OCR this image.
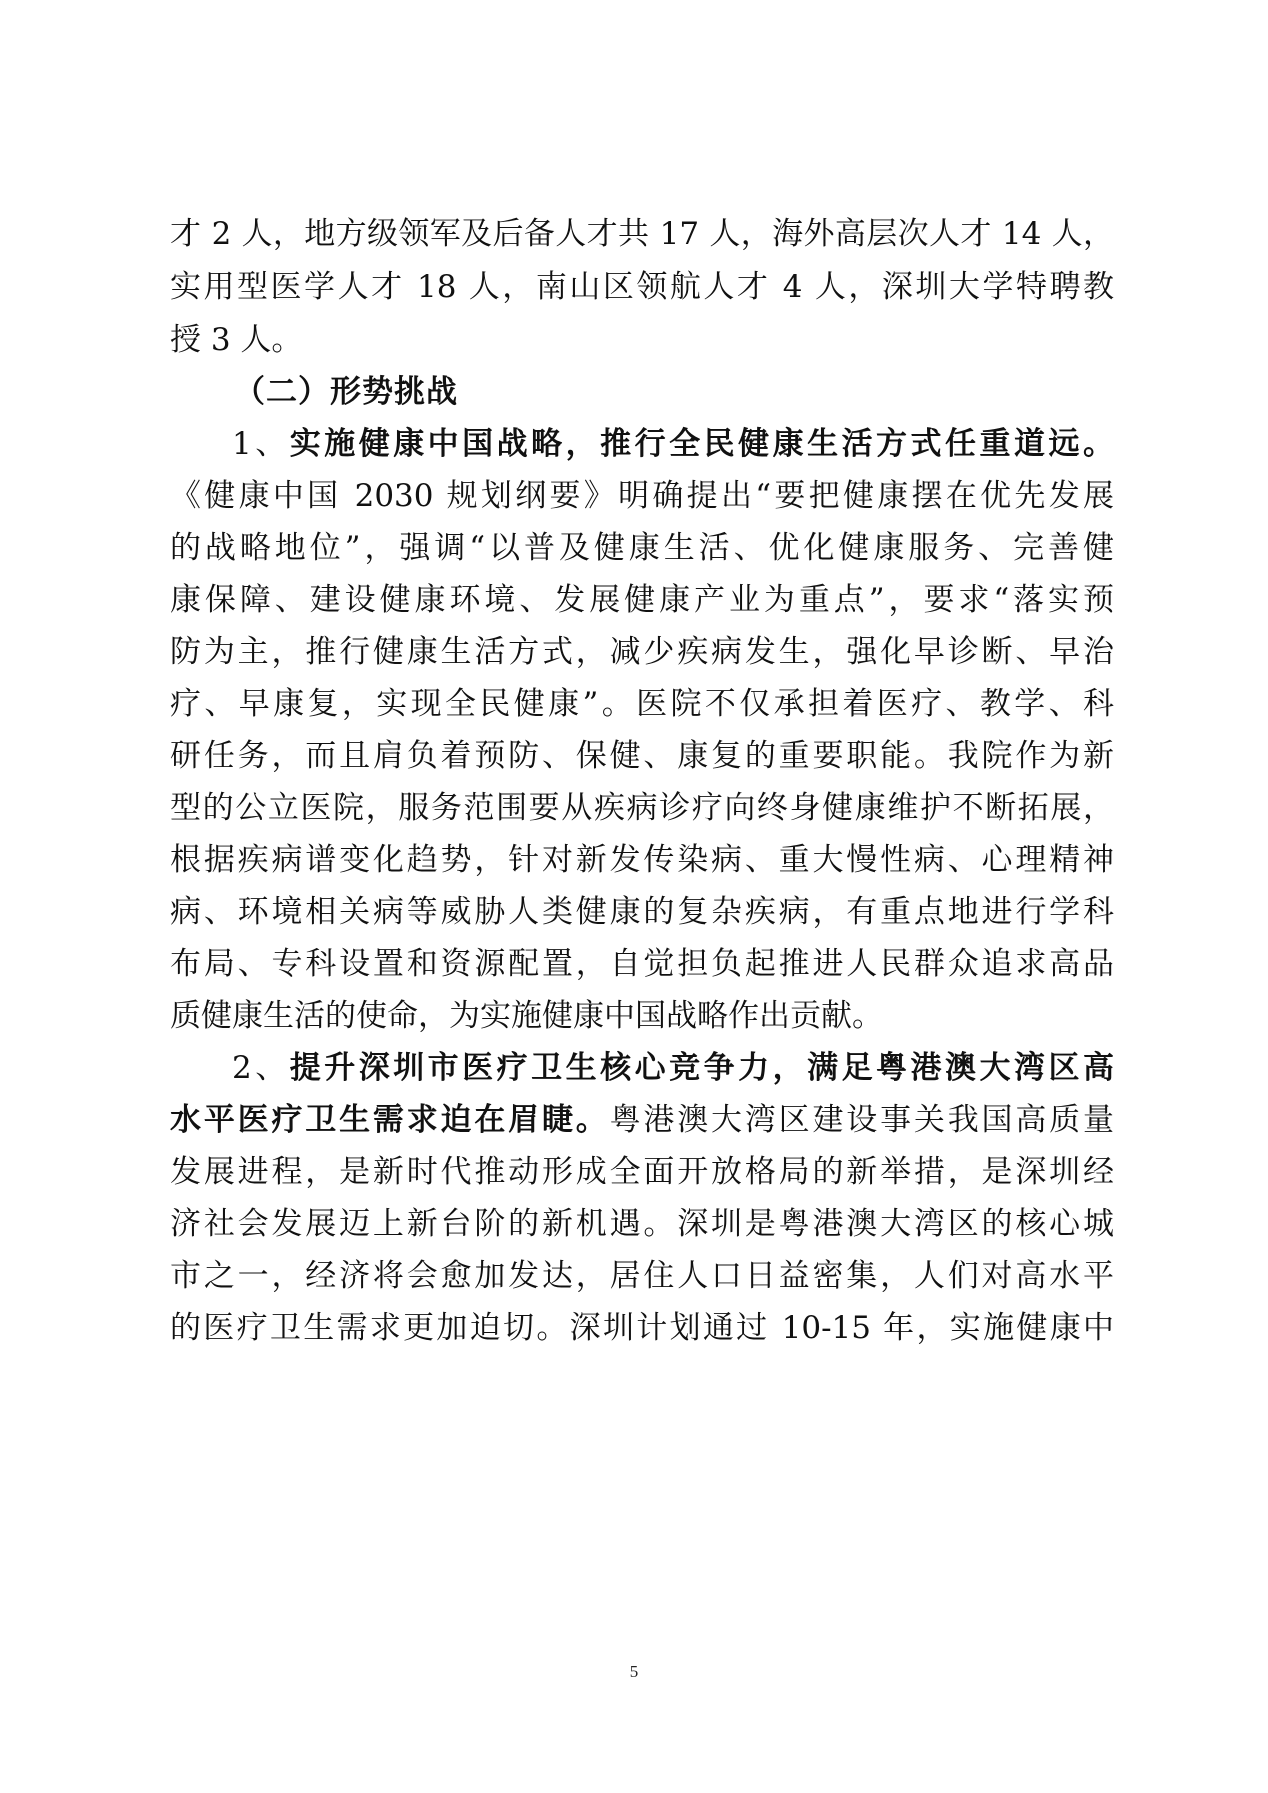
才 2 人，地方级领军及后备人才共 17 人，海外高层次人才 14 人，
实用型医学人才 18 人，南山区领航人才 4 人，深圳大学特聘教
授 3 人。
（二）形势挑战
1、实施健康中国战略，推行全民健康生活方式任重道远。
《健康中国 2030 规划纲要》明确提出“要把健康摆在优先发展
的战略地位”，强调“以普及健康生活、优化健康服务、完善健
康保障、建设健康环境、发展健康产业为重点”，要求“落实预
防为主，推行健康生活方式，减少疾病发生，强化早诊断、早治
疗、早康复，实现全民健康”。医院不仅承担着医疗、教学、科
研任务，而且肩负着预防、保健、康复的重要职能。我院作为新
型的公立医院，服务范围要从疾病诊疗向终身健康维护不断拓展，
根据疾病谱变化趋势，针对新发传染病、重大慢性病、心理精神
病、环境相关病等威胁人类健康的复杂疾病，有重点地进行学科
布局、专科设置和资源配置，自觉担负起推进人民群众追求高品
质健康生活的使命，为实施健康中国战略作出贡献。
2、提升深圳市医疗卫生核心竞争力，满足粤港澳大湾区高
水平医疗卫生需求迫在眉睫。粤港澳大湾区建设事关我国高质量
发展进程，是新时代推动形成全面开放格局的新举措，是深圳经
济社会发展迈上新台阶的新机遇。深圳是粤港澳大湾区的核心城
市之一，经济将会愈加发达，居住人口日益密集，人们对高水平
的医疗卫生需求更加迫切。深圳计划通过 10-15 年，实施健康中
5
